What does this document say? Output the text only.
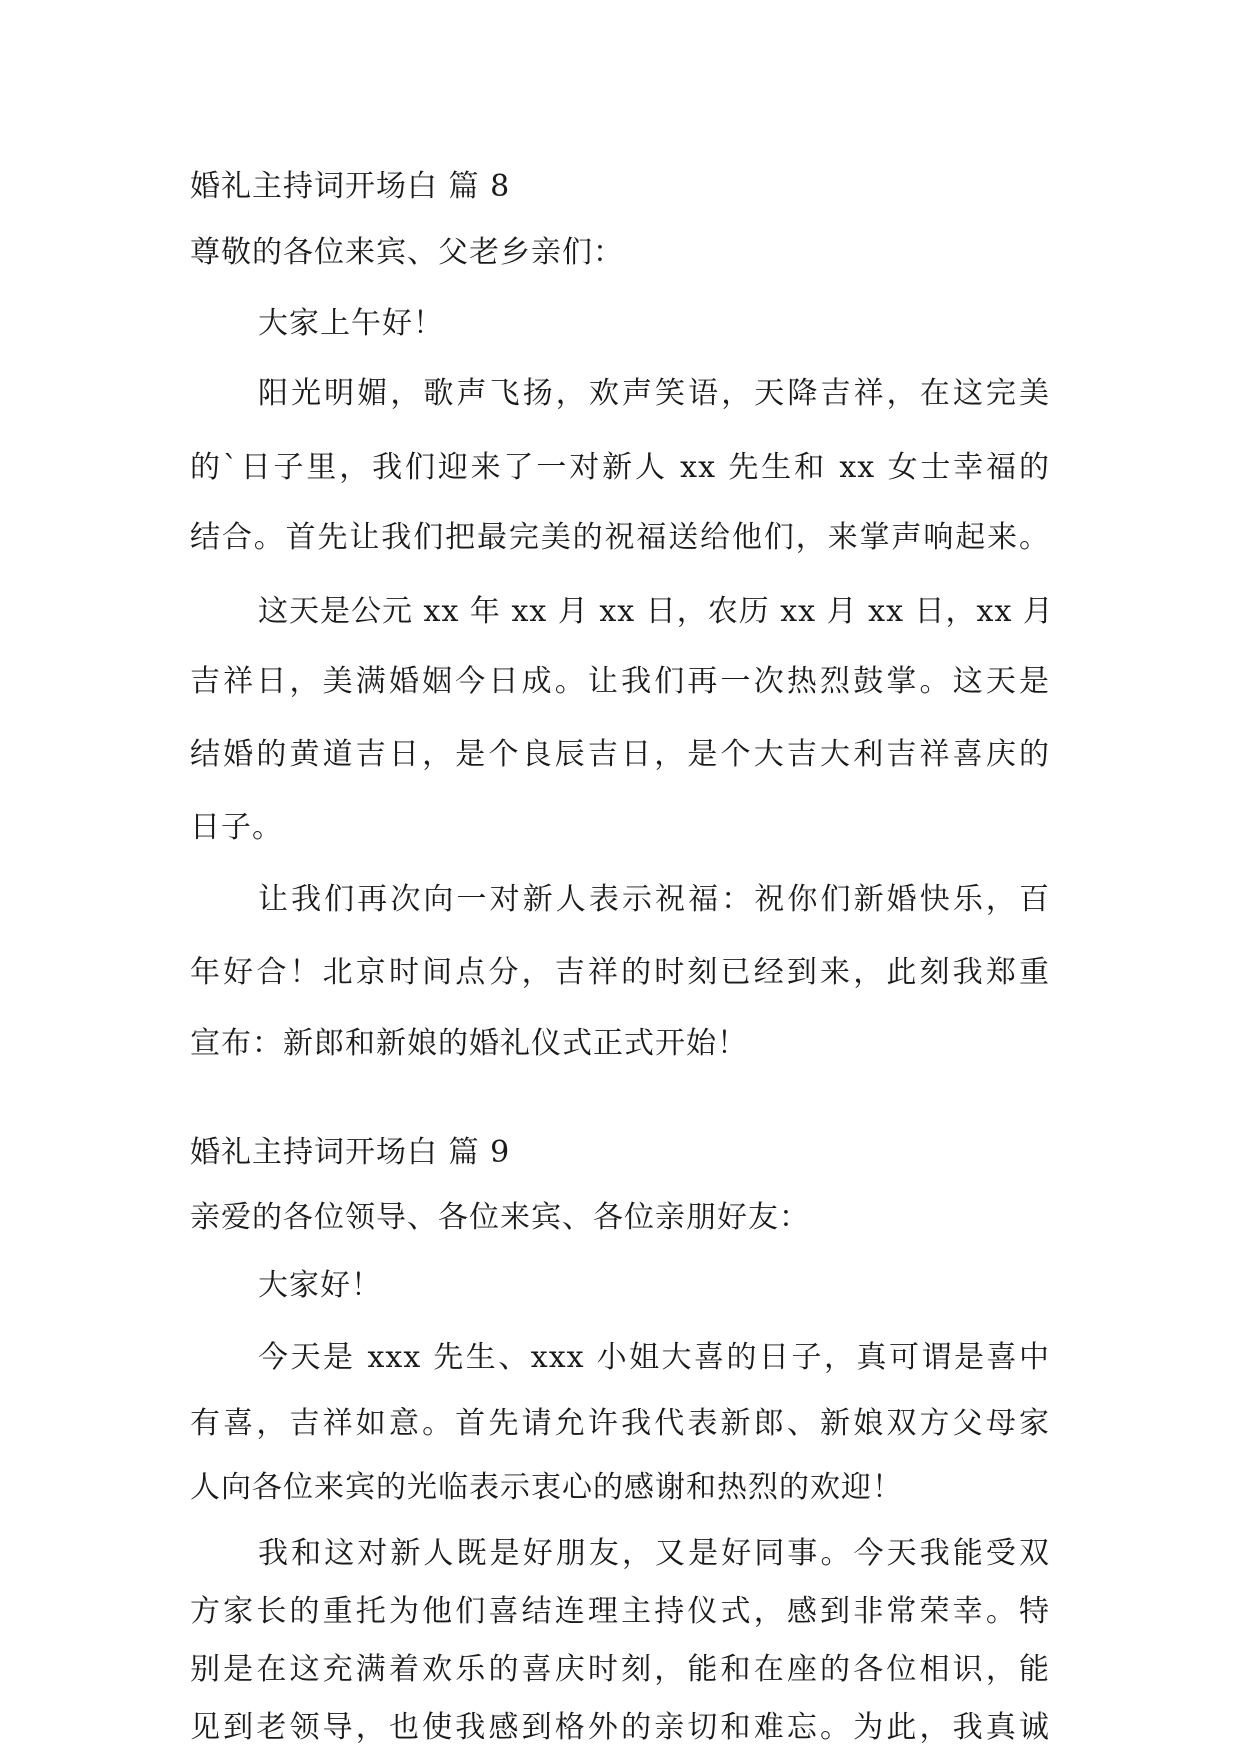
婚礼主持词开场白 篇 8
尊敬的各位来宾、父老乡亲们：
大家上午好！
阳光明媚，歌声飞扬，欢声笑语，天降吉祥，在这完美
的`日子里，我们迎来了一对新人 xx 先生和 xx 女士幸福的
结合。首先让我们把最完美的祝福送给他们，来掌声响起来。
这天是公元 xx 年 xx 月 xx 日，农历 xx 月 xx 日，xx 月
吉祥日，美满婚姻今日成。让我们再一次热烈鼓掌。这天是
结婚的黄道吉日，是个良辰吉日，是个大吉大利吉祥喜庆的
日子。
让我们再次向一对新人表示祝福：祝你们新婚快乐，百
年好合！北京时间点分，吉祥的时刻已经到来，此刻我郑重
宣布：新郎和新娘的婚礼仪式正式开始！
婚礼主持词开场白 篇 9
亲爱的各位领导、各位来宾、各位亲朋好友：
大家好！
今天是 xxx 先生、xxx 小姐大喜的日子，真可谓是喜中
有喜，吉祥如意。首先请允许我代表新郎、新娘双方父母家
人向各位来宾的光临表示衷心的感谢和热烈的欢迎！
我和这对新人既是好朋友，又是好同事。今天我能受双
方家长的重托为他们喜结连理主持仪式，感到非常荣幸。特
别是在这充满着欢乐的喜庆时刻，能和在座的各位相识，能
见到老领导，也使我感到格外的亲切和难忘。为此，我真诚
